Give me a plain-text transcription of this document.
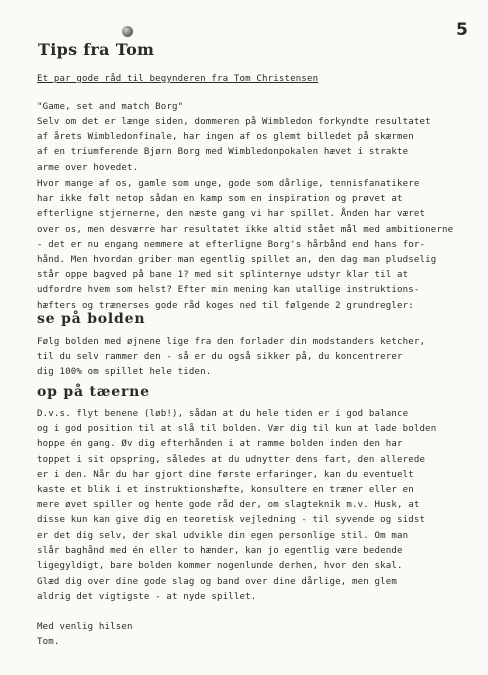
5
Tips fra Tom

Et par gode råd til begynderen fra Tom Christensen

"Game, set and match Borg"

Selv om det er længe siden, dommeren på Wimbledon forkyndte resultatet

af årets Wimbledonfinale, har ingen af os glemt billedet på skærmen

af en triumferende Bjørn Borg med Wimbledonpokalen hævet i strakte

arme over hovedet.

Hvor mange af os, gamle som unge, gode som dårlige, tennisfanatikere

har ikke følt netop sådan en kamp som en inspiration og prøvet at

efterligne stjernerne, den næste gang vi har spillet. Ånden har været

over os, men desværre har resultatet ikke altid stået mål med ambitionerne

- det er nu engang nemmere at efterligne Borg's hårbånd end hans for-

hånd. Men hvordan griber man egentlig spillet an, den dag man pludselig

står oppe bagved på bane 1? med sit splinternye udstyr klar til at

udfordre hvem som helst? Efter min mening kan utallige instruktions-

hæfters og trænerses gode råd koges ned til følgende 2 grundregler:

se på bolden

Følg bolden med øjnene lige fra den forlader din modstanders ketcher,

til du selv rammer den - så er du også sikker på, du koncentrerer

dig 100% om spillet hele tiden.

op på tæerne

D.v.s. flyt benene (løb!), sådan at du hele tiden er i god balance

og i god position til at slå til bolden. Vær dig til kun at lade bolden

hoppe én gang. Øv dig efterhånden i at ramme bolden inden den har

toppet i sit opspring, således at du udnytter dens fart, den allerede

er i den. Når du har gjort dine første erfaringer, kan du eventuelt

kaste et blik i et instruktionshæfte, konsultere en træner eller en

mere øvet spiller og hente gode råd der, om slagteknik m.v. Husk, at

disse kun kan give dig en teoretisk vejledning - til syvende og sidst

er det dig selv, der skal udvikle din egen personlige stil. Om man

slår baghånd med én eller to hænder, kan jo egentlig være bedende

ligegyldigt, bare bolden kommer nogenlunde derhen, hvor den skal.

Glæd dig over dine gode slag og band over dine dårlige, men glem

aldrig det vigtigste - at nyde spillet.

Med venlig hilsen

Tom.
